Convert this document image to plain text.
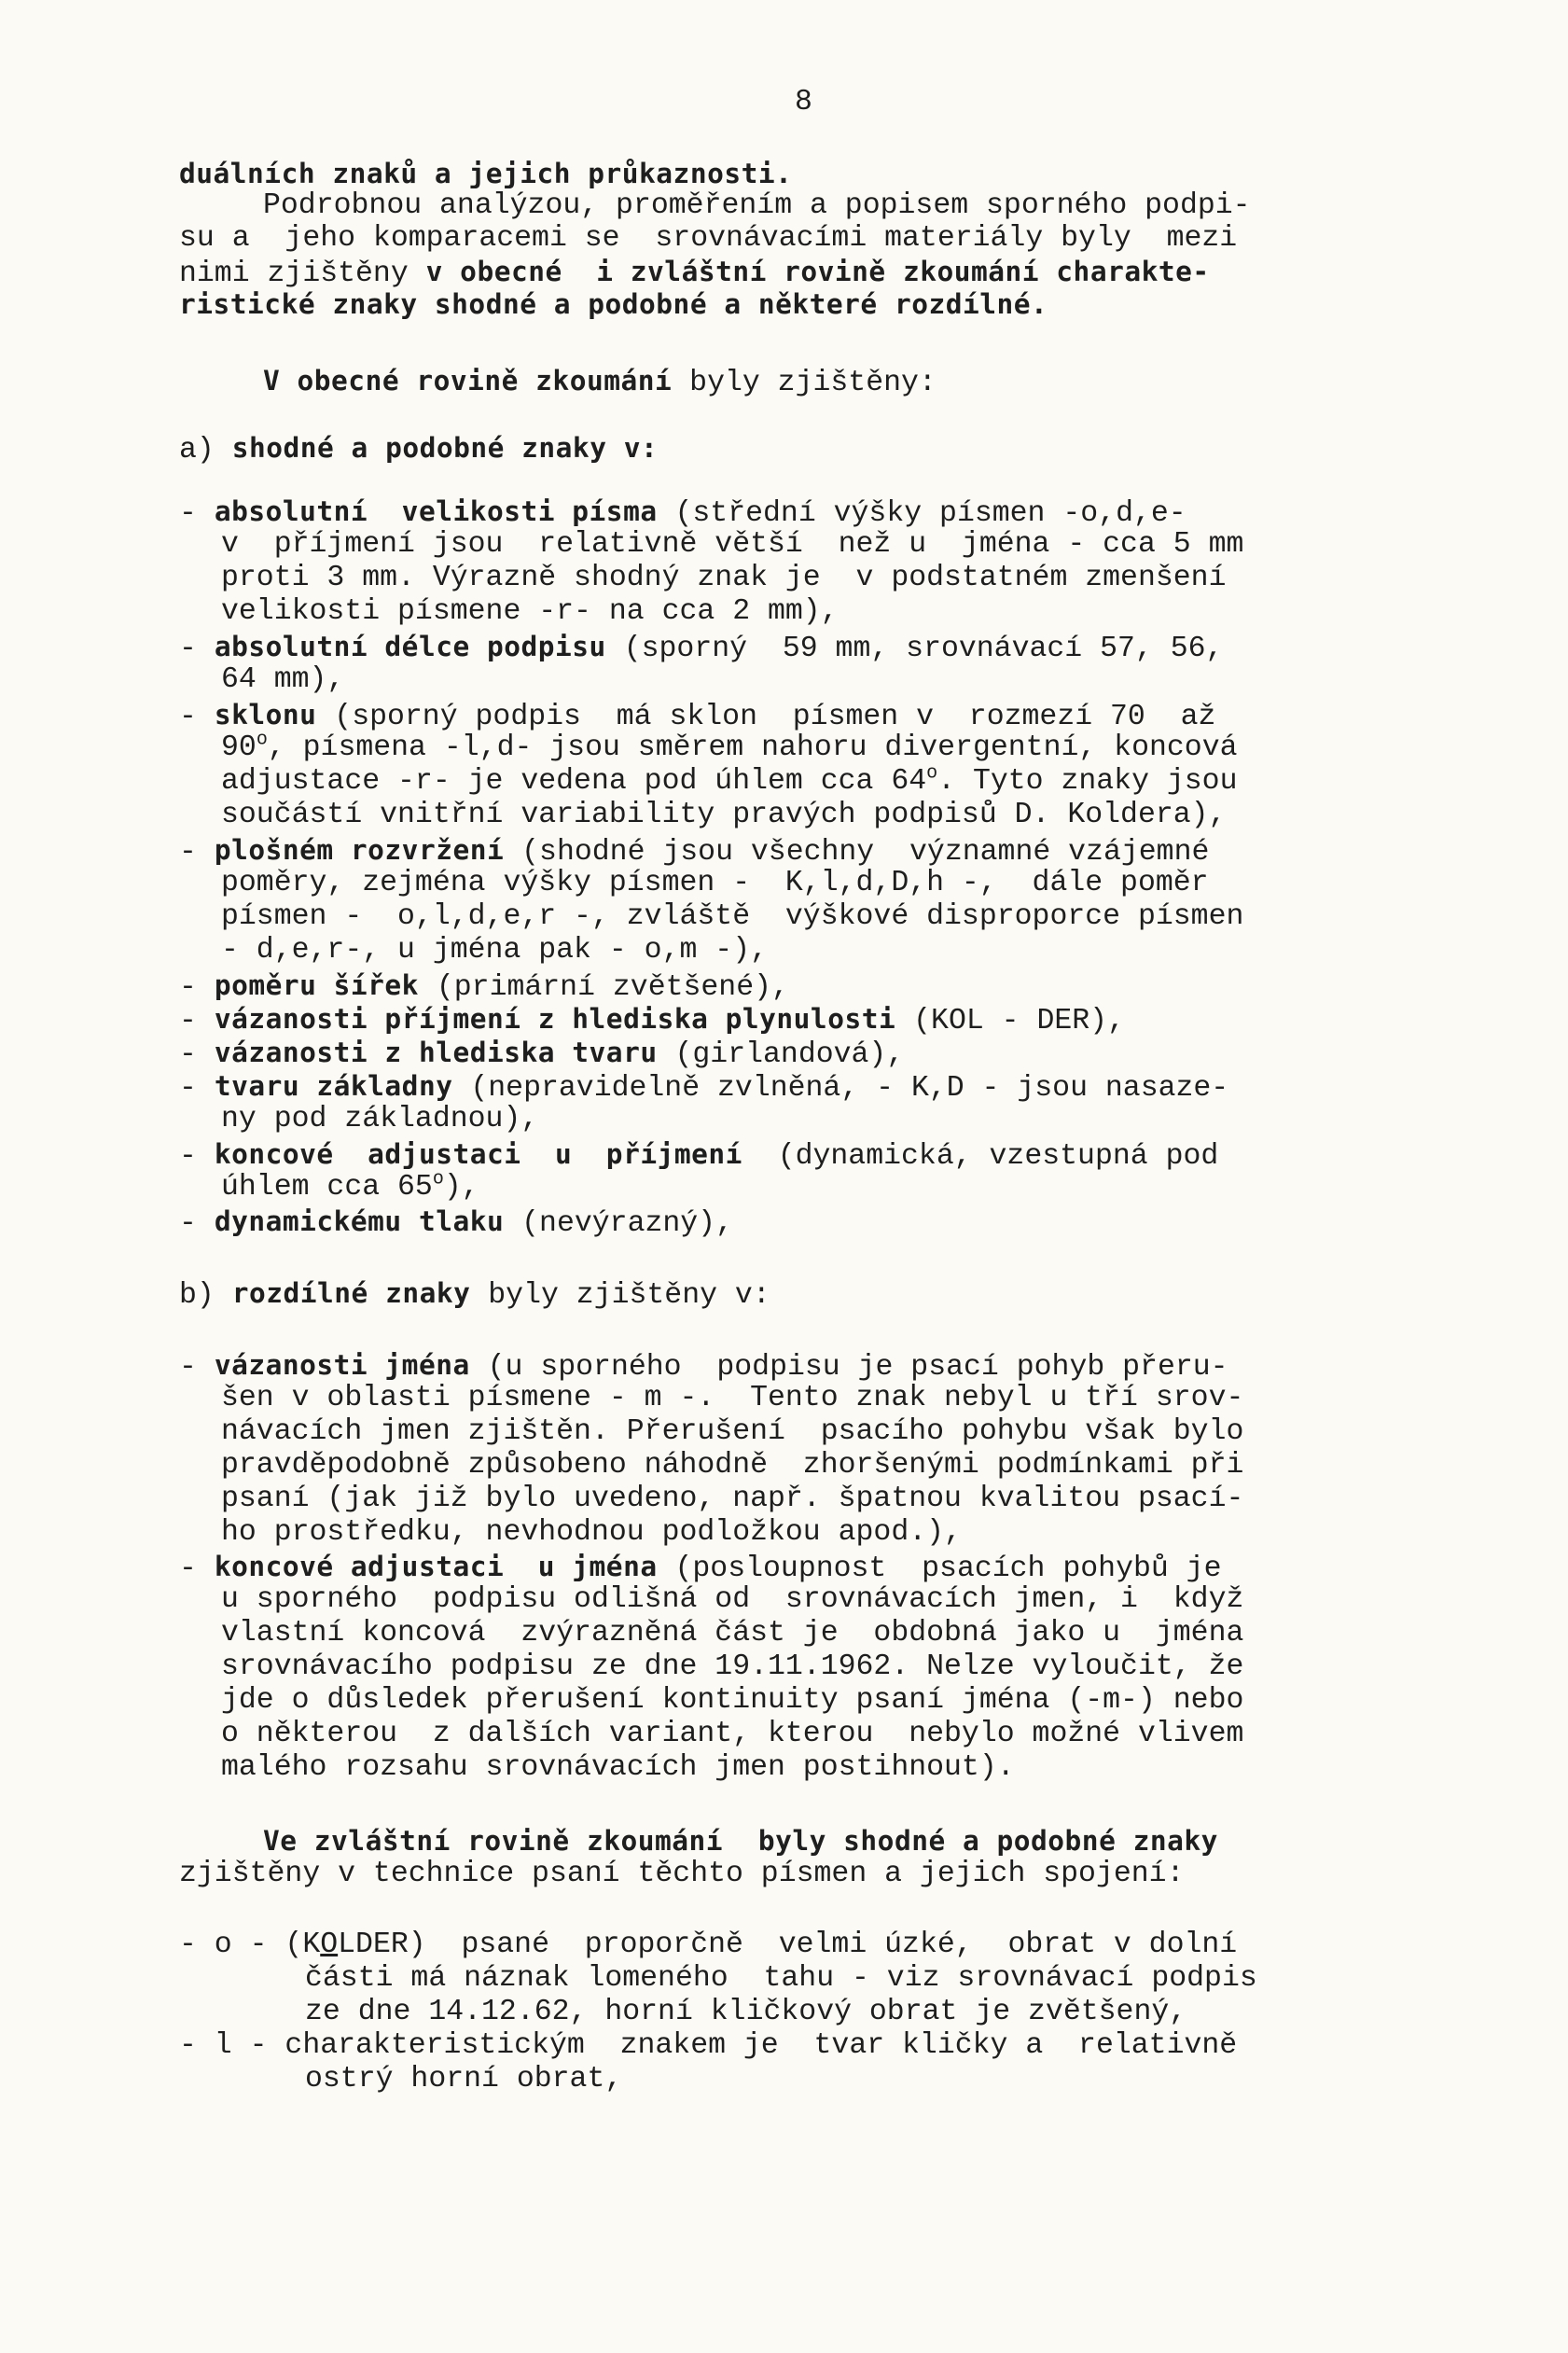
8
duálních znaků a jejich průkaznosti.
Podrobnou analýzou, proměřením a popisem sporného podpi-
su a  jeho komparacemi se  srovnávacími materiály byly  mezi
nimi zjištěny v obecné  i zvláštní rovině zkoumání charakte-
ristické znaky shodné a podobné a některé rozdílné.
V obecné rovině zkoumání byly zjištěny:
a) shodné a podobné znaky v:
- absolutní  velikosti písma (střední výšky písmen -o,d,e-
v  příjmení jsou  relativně větší  než u  jména - cca 5 mm
proti 3 mm. Výrazně shodný znak je  v podstatném zmenšení
velikosti písmene -r- na cca 2 mm),
- absolutní délce podpisu (sporný  59 mm, srovnávací 57, 56,
64 mm),
- sklonu (sporný podpis  má sklon  písmen v  rozmezí 70  až
90$^o$, písmena -l,d- jsou směrem nahoru divergentní, koncová
adjustace -r- je vedena pod úhlem cca 64$^o$. Tyto znaky jsou
součástí vnitřní variability pravých podpisů D. Koldera),
- plošném rozvržení (shodné jsou všechny  významné vzájemné
poměry, zejména výšky písmen -  K,l,d,D,h -,  dále poměr
písmen -  o,l,d,e,r -, zvláště  výškové disproporce písmen
- d,e,r-, u jména pak - o,m -),
- poměru šířek (primární zvětšené),
- vázanosti příjmení z hlediska plynulosti (KOL - DER),
- vázanosti z hlediska tvaru (girlandová),
- tvaru základny (nepravidelně zvlněná, - K,D - jsou nasaze-
ny pod základnou),
- koncové  adjustaci  u  příjmení  (dynamická, vzestupná pod
úhlem cca 65$^o$),
- dynamickému tlaku (nevýrazný),
b) rozdílné znaky byly zjištěny v:
- vázanosti jména (u sporného  podpisu je psací pohyb přeru-
šen v oblasti písmene - m -.  Tento znak nebyl u tří srov-
návacích jmen zjištěn. Přerušení  psacího pohybu však bylo
pravděpodobně způsobeno náhodně  zhoršenými podmínkami při
psaní (jak již bylo uvedeno, např. špatnou kvalitou psací-
ho prostředku, nevhodnou podložkou apod.),
- koncové adjustaci  u jména (posloupnost  psacích pohybů je
u sporného  podpisu odlišná od  srovnávacích jmen, i  když
vlastní koncová  zvýrazněná část je  obdobná jako u  jména
srovnávacího podpisu ze dne 19.11.1962. Nelze vyloučit, že
jde o důsledek přerušení kontinuity psaní jména (-m-) nebo
o některou  z dalších variant, kterou  nebylo možné vlivem
malého rozsahu srovnávacích jmen postihnout).
Ve zvláštní rovině zkoumání byly shodné a podobné znaky
zjištěny v technice psaní těchto písmen a jejich spojení:
- o - (KOLDER)  psané  proporčně  velmi úzké,  obrat v dolní
části má náznak lomeného  tahu - viz srovnávací podpis
ze dne 14.12.62, horní kličkový obrat je zvětšený,
- l - charakteristickým  znakem je  tvar kličky a  relativně
ostrý horní obrat,
